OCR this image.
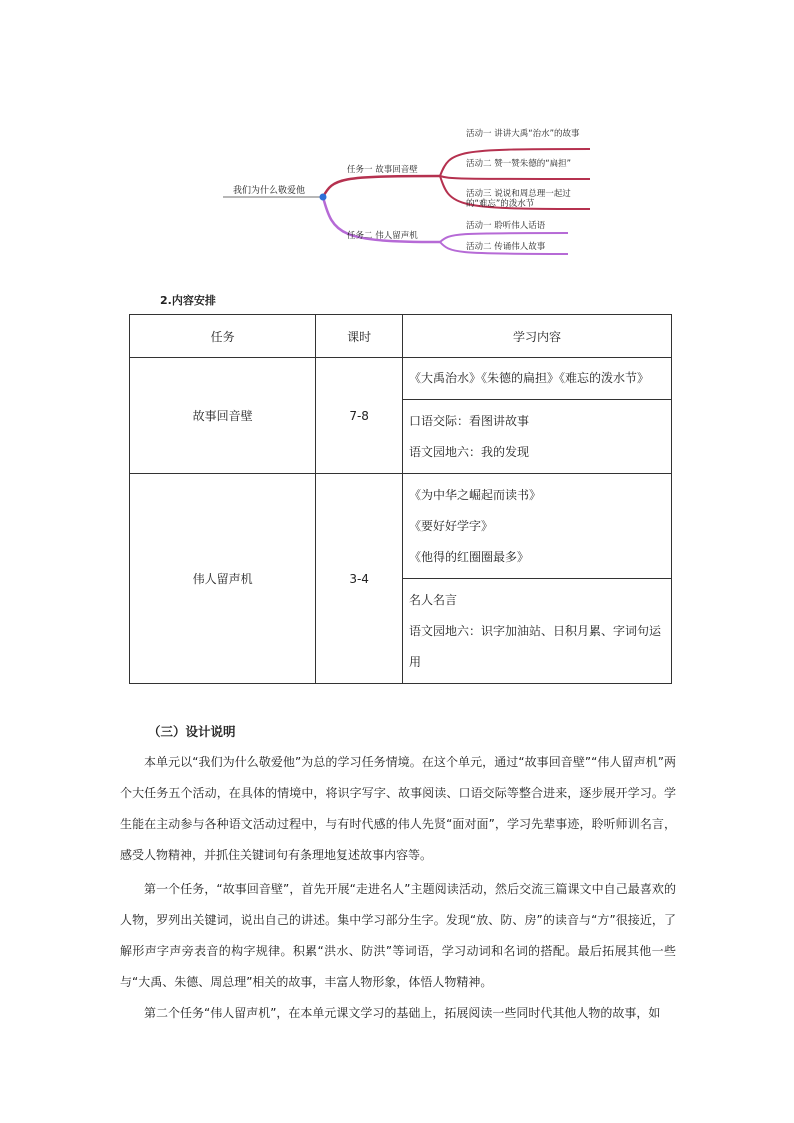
我们为什么敬爱他
任务一 故事回音壁
任务二 伟人留声机
活动一 讲讲大禹“治水”的故事
活动二 赞一赞朱德的“扁担”
活动三 说说和周总理一起过的“难忘”的泼水节
活动一 聆听伟人话语
活动二 传诵伟人故事
2.内容安排
任务	课时	学习内容
故事回音壁	7-8	《大禹治水》《朱德的扁担》《难忘的泼水节》

		口语交际：看图讲故事
语文园地六：我的发现

伟人留声机	3-4	《为中华之崛起而读书》
《要好好学字》
《他得的红圈圈最多》

		名人名言
语文园地六：识字加油站、日积月累、字词句运
用
（三）设计说明

本单元以“我们为什么敬爱他”为总的学习任务情境。在这个单元，通过“故事回音壁”“伟人留声机”两个大任务五个活动，在具体的情境中，将识字写字、故事阅读、口语交际等整合进来，逐步展开学习。学生能在主动参与各种语文活动过程中，与有时代感的伟人先贤“面对面”，学习先辈事迹，聆听师训名言，感受人物精神，并抓住关键词句有条理地复述故事内容等。

第一个任务，“故事回音壁”，首先开展“走进名人”主题阅读活动，然后交流三篇课文中自己最喜欢的人物，罗列出关键词，说出自己的讲述。集中学习部分生字。发现“放、防、房”的读音与“方”很接近，了解形声字声旁表音的构字规律。积累“洪水、防洪”等词语，学习动词和名词的搭配。最后拓展其他一些与“大禹、朱德、周总理”相关的故事，丰富人物形象，体悟人物精神。

第二个任务“伟人留声机”，在本单元课文学习的基础上，拓展阅读一些同时代其他人物的故事，如
